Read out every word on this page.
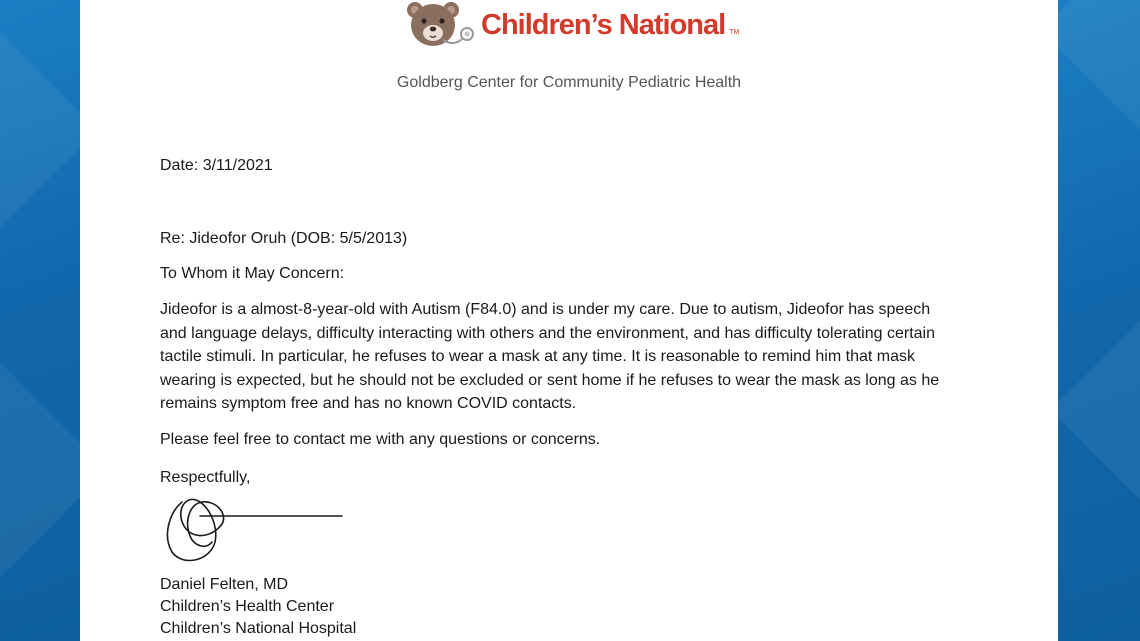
Children’s National TM
Goldberg Center for Community Pediatric Health

Date: 3/11/2021

Re: Jideofor Oruh (DOB: 5/5/2013)

To Whom it May Concern:

Jideofor is a almost-8-year-old with Autism (F84.0) and is under my care. Due to autism, Jideofor has speech
and language delays, difficulty interacting with others and the environment, and has difficulty tolerating certain
tactile stimuli. In particular, he refuses to wear a mask at any time. It is reasonable to remind him that mask
wearing is expected, but he should not be excluded or sent home if he refuses to wear the mask as long as he
remains symptom free and has no known COVID contacts.

Please feel free to contact me with any questions or concerns.

Respectfully,

Daniel Felten, MD

Children’s Health Center

Children’s National Hospital
